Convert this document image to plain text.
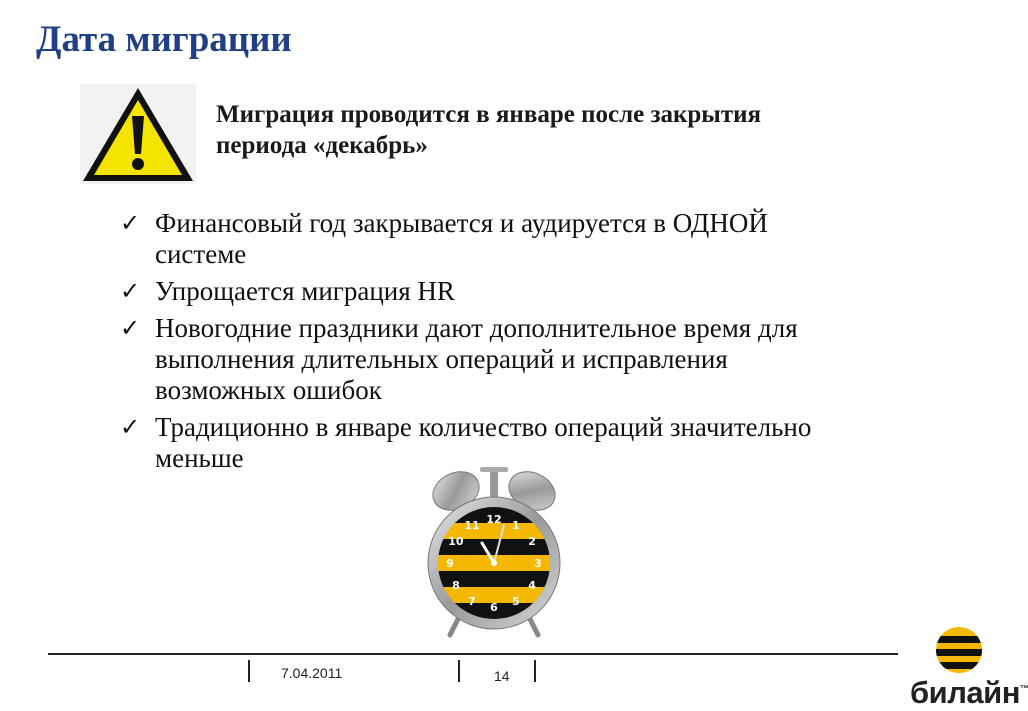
Дата миграции
Миграция проводится в январе после закрытия
периода «декабрь»
✓ Финансовый год закрывается и аудируется в ОДНОЙ
системе
✓ Упрощается миграция HR
✓ Новогодние праздники дают дополнительное время для
выполнения длительных операций и исправления
возможных ошибок
✓ Традиционно в январе количество операций значительно
меньше
12 1
2
3
4
5
6
7
8
9
10
11
7.04.2011	14	билайн™
